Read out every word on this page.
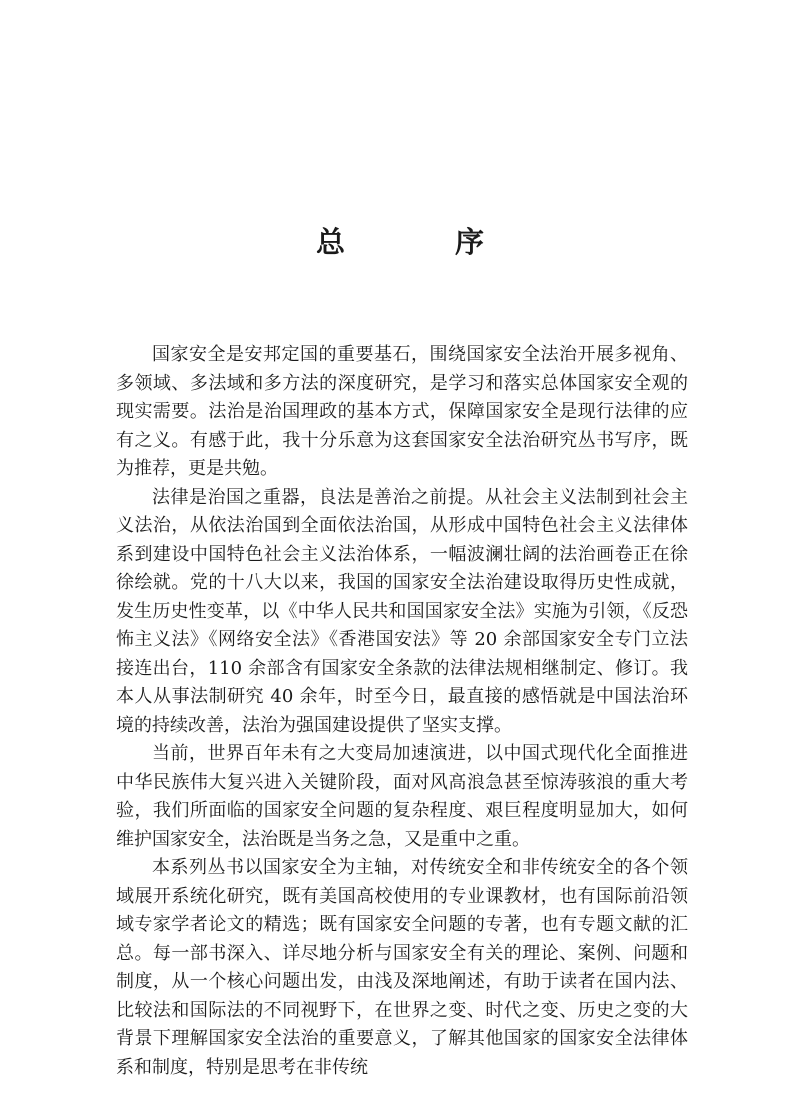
总 序

国家安全是安邦定国的重要基石，围绕国家安全法治开展多视角、多领域、多法域和多方法的深度研究，是学习和落实总体国家安全观的现实需要。法治是治国理政的基本方式，保障国家安全是现行法律的应有之义。有感于此，我十分乐意为这套国家安全法治研究丛书写序，既为推荐，更是共勉。

法律是治国之重器，良法是善治之前提。从社会主义法制到社会主义法治，从依法治国到全面依法治国，从形成中国特色社会主义法律体系到建设中国特色社会主义法治体系，一幅波澜壮阔的法治画卷正在徐徐绘就。党的十八大以来，我国的国家安全法治建设取得历史性成就，发生历史性变革，以《中华人民共和国国家安全法》实施为引领，《反恐怖主义法》《网络安全法》《香港国安法》等 20 余部国家安全专门立法接连出台，110 余部含有国家安全条款的法律法规相继制定、修订。我本人从事法制研究 40 余年，时至今日，最直接的感悟就是中国法治环境的持续改善，法治为强国建设提供了坚实支撑。

当前，世界百年未有之大变局加速演进，以中国式现代化全面推进中华民族伟大复兴进入关键阶段，面对风高浪急甚至惊涛骇浪的重大考验，我们所面临的国家安全问题的复杂程度、艰巨程度明显加大，如何维护国家安全，法治既是当务之急，又是重中之重。

本系列丛书以国家安全为主轴，对传统安全和非传统安全的各个领域展开系统化研究，既有美国高校使用的专业课教材，也有国际前沿领域专家学者论文的精选；既有国家安全问题的专著，也有专题文献的汇总。每一部书深入、详尽地分析与国家安全有关的理论、案例、问题和制度，从一个核心问题出发，由浅及深地阐述，有助于读者在国内法、比较法和国际法的不同视野下，在世界之变、时代之变、历史之变的大背景下理解国家安全法治的重要意义，了解其他国家的国家安全法律体系和制度，特别是思考在非传统
